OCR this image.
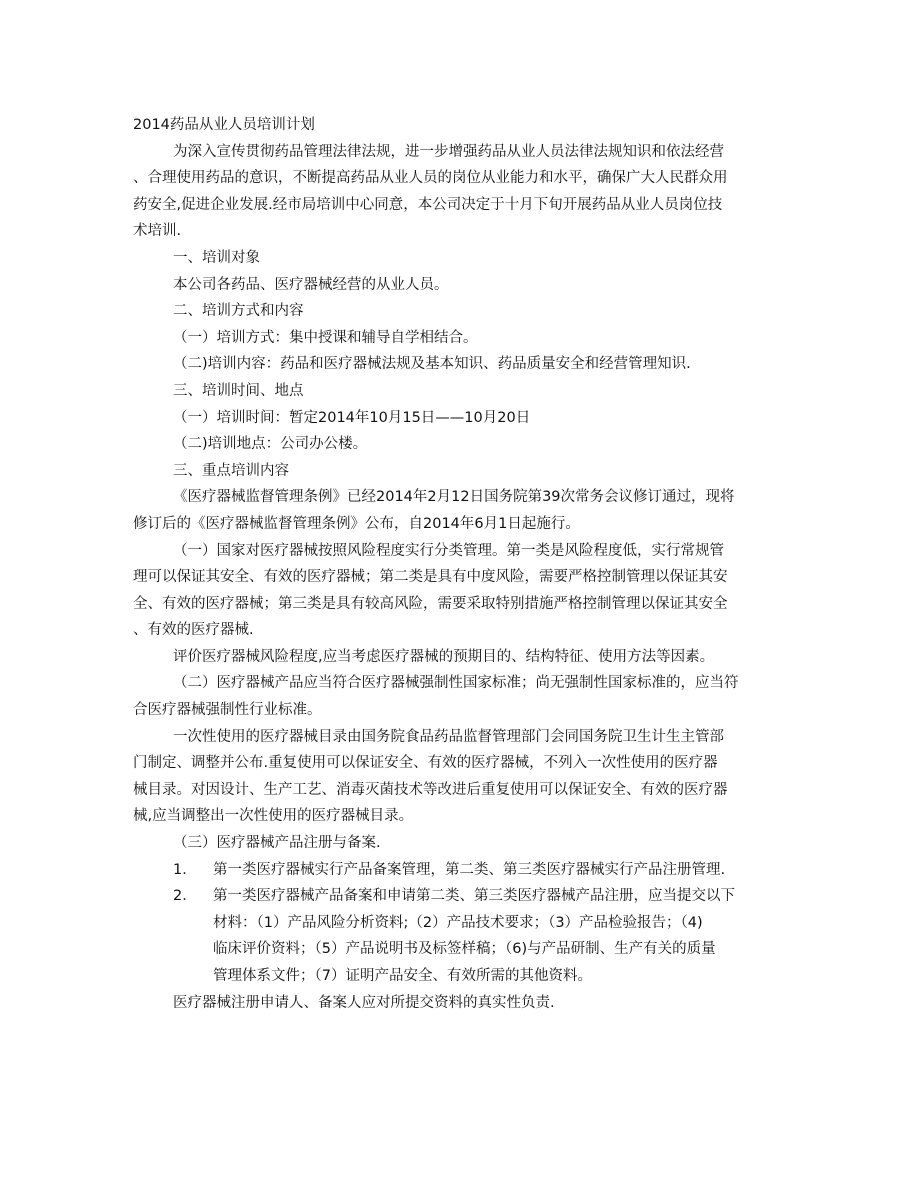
2014药品从业人员培训计划
为深入宣传贯彻药品管理法律法规，进一步增强药品从业人员法律法规知识和依法经营
、合理使用药品的意识，不断提高药品从业人员的岗位从业能力和水平，确保广大人民群众用
药安全,促进企业发展.经市局培训中心同意，本公司决定于十月下旬开展药品从业人员岗位技
术培训.
一、培训对象
本公司各药品、医疗器械经营的从业人员。
二、培训方式和内容
（一）培训方式：集中授课和辅导自学相结合。
（二)培训内容：药品和医疗器械法规及基本知识、药品质量安全和经营管理知识.
三、培训时间、地点
（一）培训时间：暂定2014年10月15日——10月20日
（二)培训地点：公司办公楼。
三、重点培训内容
《医疗器械监督管理条例》已经2014年2月12日国务院第39次常务会议修订通过，现将
修订后的《医疗器械监督管理条例》公布，自2014年6月1日起施行。
（一）国家对医疗器械按照风险程度实行分类管理。第一类是风险程度低，实行常规管
理可以保证其安全、有效的医疗器械；第二类是具有中度风险，需要严格控制管理以保证其安
全、有效的医疗器械；第三类是具有较高风险，需要采取特别措施严格控制管理以保证其安全
、有效的医疗器械.
评价医疗器械风险程度,应当考虑医疗器械的预期目的、结构特征、使用方法等因素。
（二）医疗器械产品应当符合医疗器械强制性国家标准；尚无强制性国家标准的，应当符
合医疗器械强制性行业标准。
一次性使用的医疗器械目录由国务院食品药品监督管理部门会同国务院卫生计生主管部
门制定、调整并公布.重复使用可以保证安全、有效的医疗器械，不列入一次性使用的医疗器
械目录。对因设计、生产工艺、消毒灭菌技术等改进后重复使用可以保证安全、有效的医疗器
械,应当调整出一次性使用的医疗器械目录。
（三）医疗器械产品注册与备案.
1． 第一类医疗器械实行产品备案管理，第二类、第三类医疗器械实行产品注册管理.
2． 第一类医疗器械产品备案和申请第二类、第三类医疗器械产品注册，应当提交以下
材料：（1）产品风险分析资料;（2）产品技术要求；（3）产品检验报告；（4)
临床评价资料；（5）产品说明书及标签样稿；（6)与产品研制、生产有关的质量
管理体系文件；（7）证明产品安全、有效所需的其他资料。
医疗器械注册申请人、备案人应对所提交资料的真实性负责.
